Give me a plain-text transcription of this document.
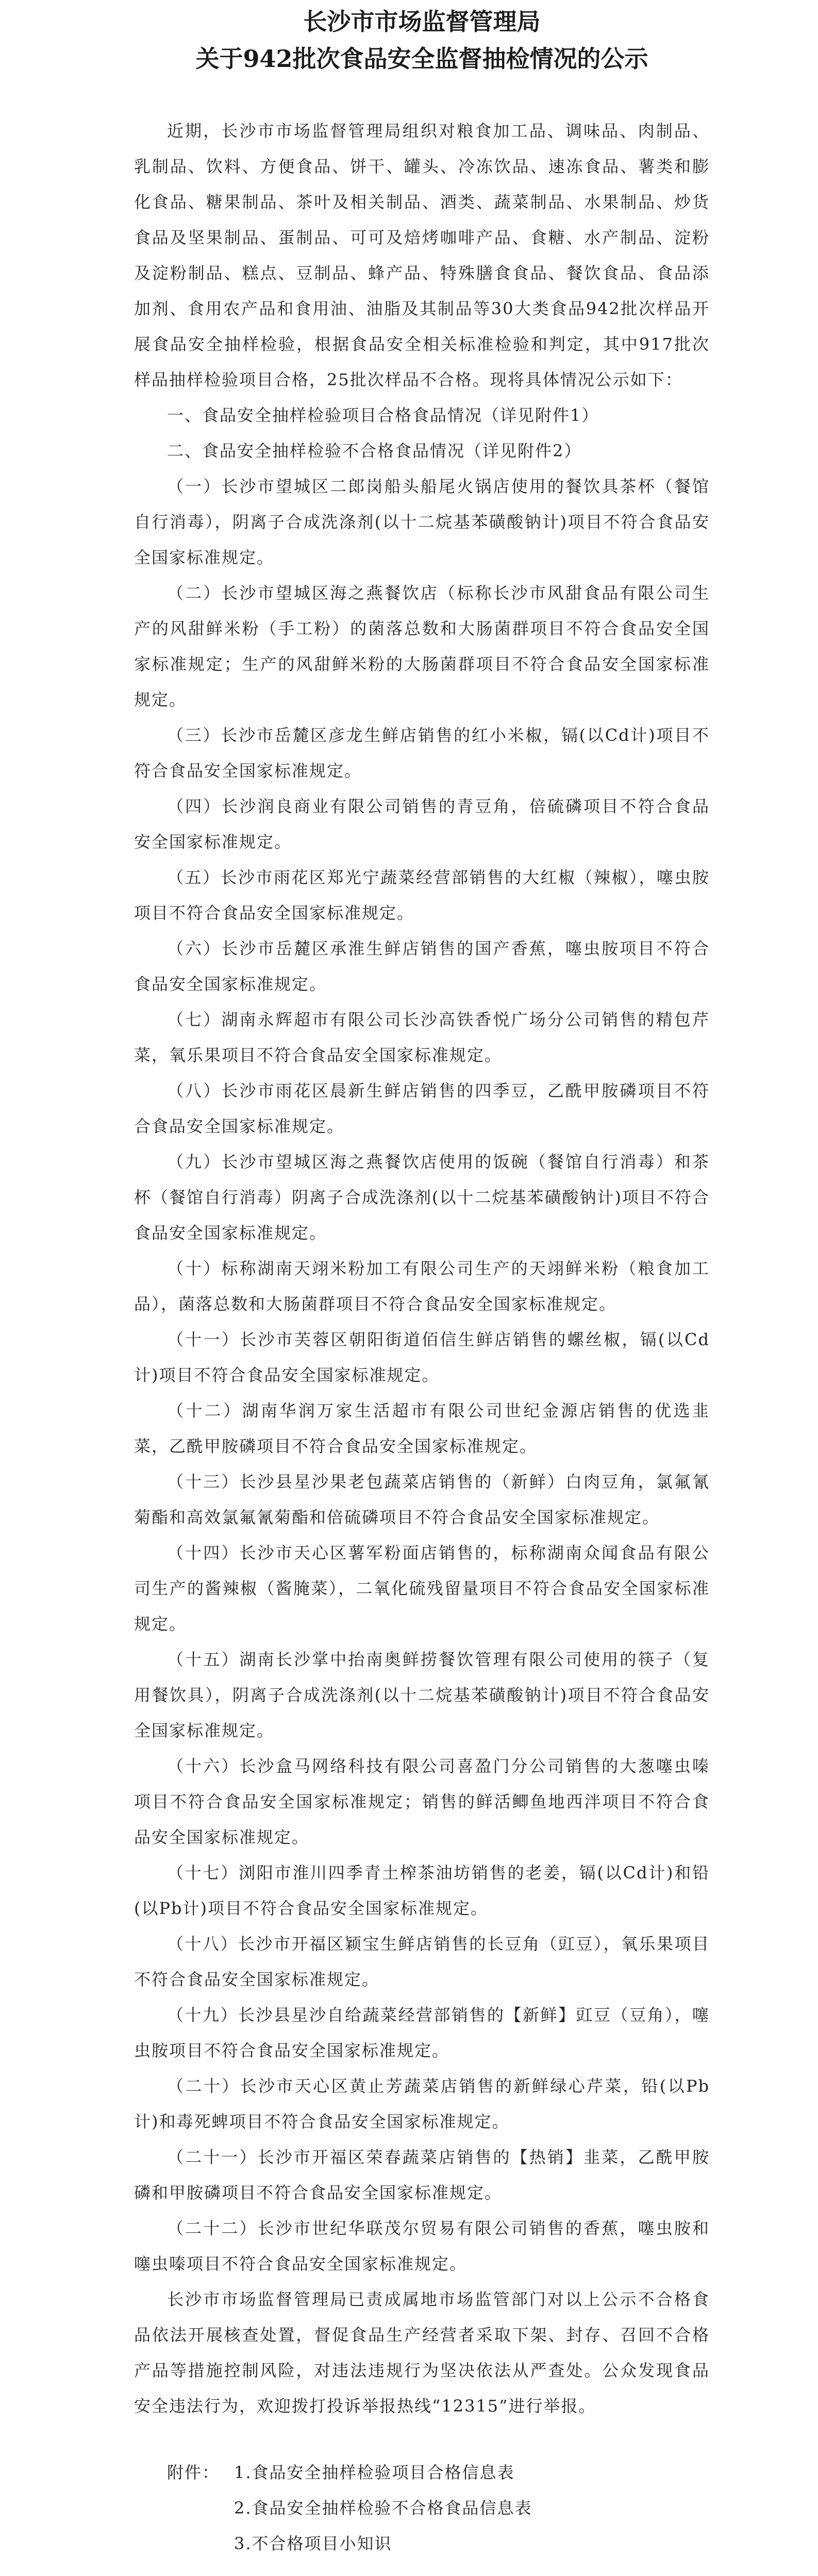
长沙市市场监督管理局
关于942批次食品安全监督抽检情况的公示

近期，长沙市市场监督管理局组织对粮食加工品、调味品、肉制品、乳制品、饮料、方便食品、饼干、罐头、冷冻饮品、速冻食品、薯类和膨化食品、糖果制品、茶叶及相关制品、酒类、蔬菜制品、水果制品、炒货食品及坚果制品、蛋制品、可可及焙烤咖啡产品、食糖、水产制品、淀粉及淀粉制品、糕点、豆制品、蜂产品、特殊膳食食品、餐饮食品、食品添加剂、食用农产品和食用油、油脂及其制品等30大类食品942批次样品开展食品安全抽样检验，根据食品安全相关标准检验和判定，其中917批次样品抽样检验项目合格，25批次样品不合格。现将具体情况公示如下：

一、食品安全抽样检验项目合格食品情况（详见附件1）

二、食品安全抽样检验不合格食品情况（详见附件2）

（一）长沙市望城区二郎岗船头船尾火锅店使用的餐饮具茶杯（餐馆自行消毒），阴离子合成洗涤剂(以十二烷基苯磺酸钠计)项目不符合食品安全国家标准规定。

（二）长沙市望城区海之燕餐饮店（标称长沙市风甜食品有限公司生产的风甜鲜米粉（手工粉）的菌落总数和大肠菌群项目不符合食品安全国家标准规定；生产的风甜鲜米粉的大肠菌群项目不符合食品安全国家标准规定。

（三）长沙市岳麓区彦龙生鲜店销售的红小米椒，镉(以Cd计)项目不符合食品安全国家标准规定。

（四）长沙润良商业有限公司销售的青豆角，倍硫磷项目不符合食品安全国家标准规定。

（五）长沙市雨花区郑光宁蔬菜经营部销售的大红椒（辣椒），噻虫胺项目不符合食品安全国家标准规定。

（六）长沙市岳麓区承淮生鲜店销售的国产香蕉，噻虫胺项目不符合食品安全国家标准规定。

（七）湖南永辉超市有限公司长沙高铁香悦广场分公司销售的精包芹菜，氧乐果项目不符合食品安全国家标准规定。

（八）长沙市雨花区晨新生鲜店销售的四季豆，乙酰甲胺磷项目不符合食品安全国家标准规定。

（九）长沙市望城区海之燕餐饮店使用的饭碗（餐馆自行消毒）和茶杯（餐馆自行消毒）阴离子合成洗涤剂(以十二烷基苯磺酸钠计)项目不符合食品安全国家标准规定。

（十）标称湖南天翊米粉加工有限公司生产的天翊鲜米粉（粮食加工品），菌落总数和大肠菌群项目不符合食品安全国家标准规定。

（十一）长沙市芙蓉区朝阳街道佰信生鲜店销售的螺丝椒，镉(以Cd计)项目不符合食品安全国家标准规定。

（十二）湖南华润万家生活超市有限公司世纪金源店销售的优选韭菜，乙酰甲胺磷项目不符合食品安全国家标准规定。

（十三）长沙县星沙果老包蔬菜店销售的（新鲜）白肉豆角，氯氟氰菊酯和高效氯氟氰菊酯和倍硫磷项目不符合食品安全国家标准规定。

（十四）长沙市天心区薯军粉面店销售的，标称湖南众闻食品有限公司生产的酱辣椒（酱腌菜），二氧化硫残留量项目不符合食品安全国家标准规定。

（十五）湖南长沙掌中抬南奥鲜捞餐饮管理有限公司使用的筷子（复用餐饮具），阴离子合成洗涤剂(以十二烷基苯磺酸钠计)项目不符合食品安全国家标准规定。

（十六）长沙盒马网络科技有限公司喜盈门分公司销售的大葱噻虫嗪项目不符合食品安全国家标准规定；销售的鲜活鲫鱼地西泮项目不符合食品安全国家标准规定。

（十七）浏阳市淮川四季青土榨茶油坊销售的老姜，镉(以Cd计)和铅(以Pb计)项目不符合食品安全国家标准规定。

（十八）长沙市开福区颖宝生鲜店销售的长豆角（豇豆），氧乐果项目不符合食品安全国家标准规定。

（十九）长沙县星沙自给蔬菜经营部销售的【新鲜】豇豆（豆角），噻虫胺项目不符合食品安全国家标准规定。

（二十）长沙市天心区黄止芳蔬菜店销售的新鲜绿心芹菜，铅(以Pb计)和毒死蜱项目不符合食品安全国家标准规定。

（二十一）长沙市开福区荣春蔬菜店销售的【热销】韭菜，乙酰甲胺磷和甲胺磷项目不符合食品安全国家标准规定。

（二十二）长沙市世纪华联茂尔贸易有限公司销售的香蕉，噻虫胺和噻虫嗪项目不符合食品安全国家标准规定。

长沙市市场监督管理局已责成属地市场监管部门对以上公示不合格食品依法开展核查处置，督促食品生产经营者采取下架、封存、召回不合格产品等措施控制风险，对违法违规行为坚决依法从严查处。公众发现食品安全违法行为，欢迎拨打投诉举报热线“12315”进行举报。

附件： 1.食品安全抽样检验项目合格信息表
2.食品安全抽样检验不合格食品信息表
3.不合格项目小知识
